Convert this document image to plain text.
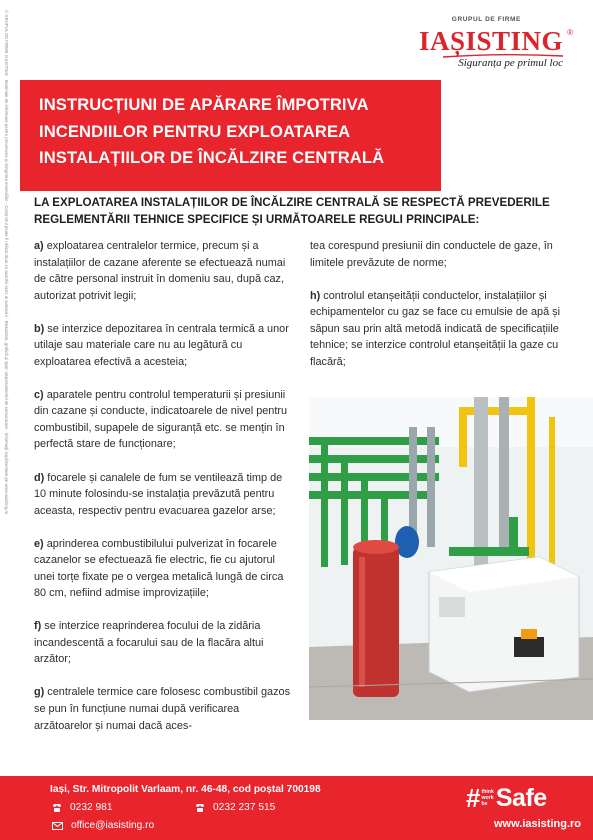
© GRUPUL DE FIRME IAȘISTING · Materiale de informare pentru prevenirea și stingerea incendiilor · Conținutul poate fi utilizat doar cu acordul scris al autorului · Redactare, grafică și tipar: departamentul de comunicare · Informații suplimentare pe www.iasisting.ro	GRUPUL DE FIRME
IAȘISTING ®
Siguranța pe primul loc
INSTRUCȚIUNI DE APĂRARE ÎMPOTRIVA
INCENDIILOR PENTRU EXPLOATAREA
INSTALAȚIILOR DE ÎNCĂLZIRE CENTRALĂ
LA EXPLOATAREA INSTALAȚIILOR DE ÎNCĂLZIRE CENTRALĂ SE RESPECTĂ PREVEDERILE REGLEMENTĂRII TEHNICE SPECIFICE ȘI URMĂTOARELE REGULI PRINCIPALE:

a) exploatarea centralelor termice, precum și a instalațiilor de cazane aferente se efectuează numai de către personal instruit în domeniu sau, după caz, autorizat potrivit legii;

b) se interzice depozitarea în centrala termică a unor utilaje sau materiale care nu au legătură cu exploatarea efectivă a acesteia;

c) aparatele pentru controlul temperaturii și presiunii din cazane și conducte, indicatoarele de nivel pentru combustibil, supapele de siguranță etc. se mențin în perfectă stare de funcționare;

d) focarele și canalele de fum se ventilează timp de 10 minute folosindu-se instalația prevăzută pentru aceasta, respectiv pentru evacuarea gazelor arse;

e) aprinderea combustibilului pulverizat în focarele cazanelor se efectuează fie electric, fie cu ajutorul unei torțe fixate pe o vergea metalică lungă de circa 80 cm, nefiind admise improvizațiile;

f) se interzice reaprinderea focului de la zidăria incandescentă a focarului sau de la flacăra altui arzător;

g) centralele termice care folosesc combustibil gazos se pun în funcțiune numai după verificarea arzătoarelor și numai dacă aces-

tea corespund presiunii din conductele de gaze, în limitele prevăzute de norme;

h) controlul etanșeității conductelor, instalațiilor și echipamentelor cu gaz se face cu emulsie de apă și săpun sau prin altă metodă indicată de specificațiile tehnice; se interzice controlul etanșeității la gaze cu flacără;

Iași, Str. Mitropolit Varlaam, nr. 46-48, cod poștal 700198
0232 981	0232 237 515
office@iasisting.ro
# think
work
be Safe
www.iasisting.ro
